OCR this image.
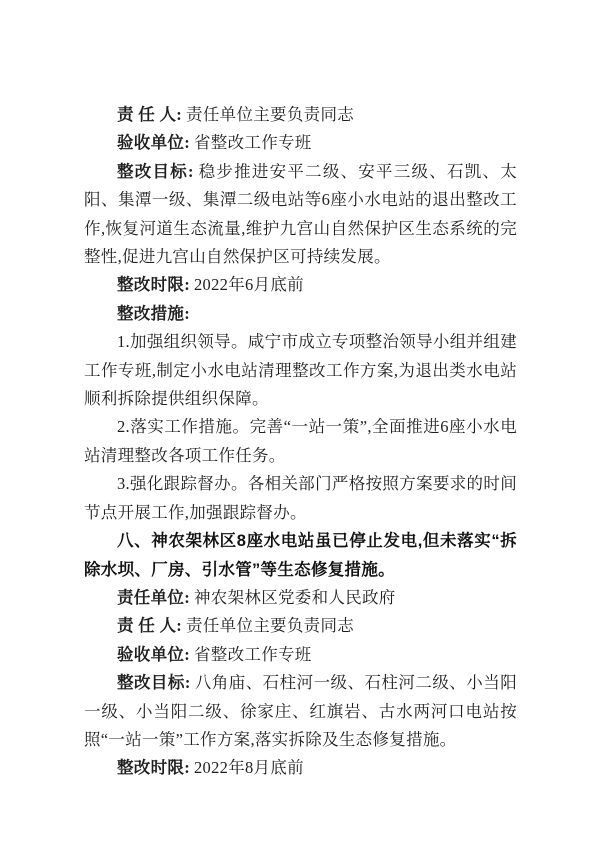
责 任 人: 责任单位主要负责同志

验收单位: 省整改工作专班

整改目标: 稳步推进安平二级、安平三级、石凯、太阳、集潭一级、集潭二级电站等6座小水电站的退出整改工作,恢复河道生态流量,维护九宫山自然保护区生态系统的完整性,促进九宫山自然保护区可持续发展。

整改时限: 2022年6月底前

整改措施:

1.加强组织领导。咸宁市成立专项整治领导小组并组建工作专班,制定小水电站清理整改工作方案,为退出类水电站顺利拆除提供组织保障。

2.落实工作措施。完善“一站一策”,全面推进6座小水电站清理整改各项工作任务。

3.强化跟踪督办。各相关部门严格按照方案要求的时间节点开展工作,加强跟踪督办。

八、神农架林区8座水电站虽已停止发电,但未落实“拆除水坝、厂房、引水管”等生态修复措施。

责任单位: 神农架林区党委和人民政府

责 任 人: 责任单位主要负责同志

验收单位: 省整改工作专班

整改目标: 八角庙、石柱河一级、石柱河二级、小当阳一级、小当阳二级、徐家庄、红旗岩、古水两河口电站按照“一站一策”工作方案,落实拆除及生态修复措施。

整改时限: 2022年8月底前
